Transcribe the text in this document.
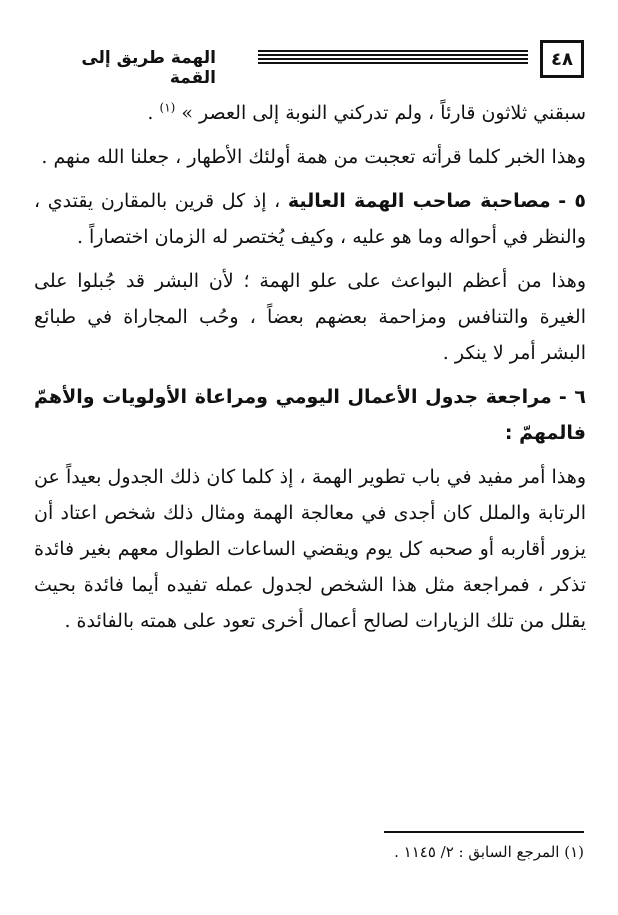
٤٨
الهمة طريق إلى القمة

سبقني ثلاثون قارئاً ، ولم تدركني النوبة إلى العصر » $^{(١)}$ .

وهذا الخبر كلما قرأته تعجبت من همة أولئك الأطهار ، جعلنا الله منهم .

٥ - مصاحبة صاحب الهمة العالية ، إذ كل قرين بالمقارن يقتدي ، والنظر في أحواله وما هو عليه ، وكيف يُختصر له الزمان اختصاراً .

وهذا من أعظم البواعث على علو الهمة ؛ لأن البشر قد جُبلوا على الغيرة والتنافس ومزاحمة بعضهم بعضاً ، وحُب المجاراة في طبائع البشر أمر لا ينكر .

٦ - مراجعة جدول الأعمال اليومي ومراعاة الأولويات والأهمّ فالمهمّ :

وهذا أمر مفيد في باب تطوير الهمة ، إذ كلما كان ذلك الجدول بعيداً عن الرتابة والملل كان أجدى في معالجة الهمة ومثال ذلك شخص اعتاد أن يزور أقاربه أو صحبه كل يوم ويقضي الساعات الطوال معهم بغير فائدة تذكر ، فمراجعة مثل هذا الشخص لجدول عمله تفيده أيما فائدة بحيث يقلل من تلك الزيارات لصالح أعمال أخرى تعود على همته بالفائدة .

(١) المرجع السابق : ٢/ ١١٤٥ .
